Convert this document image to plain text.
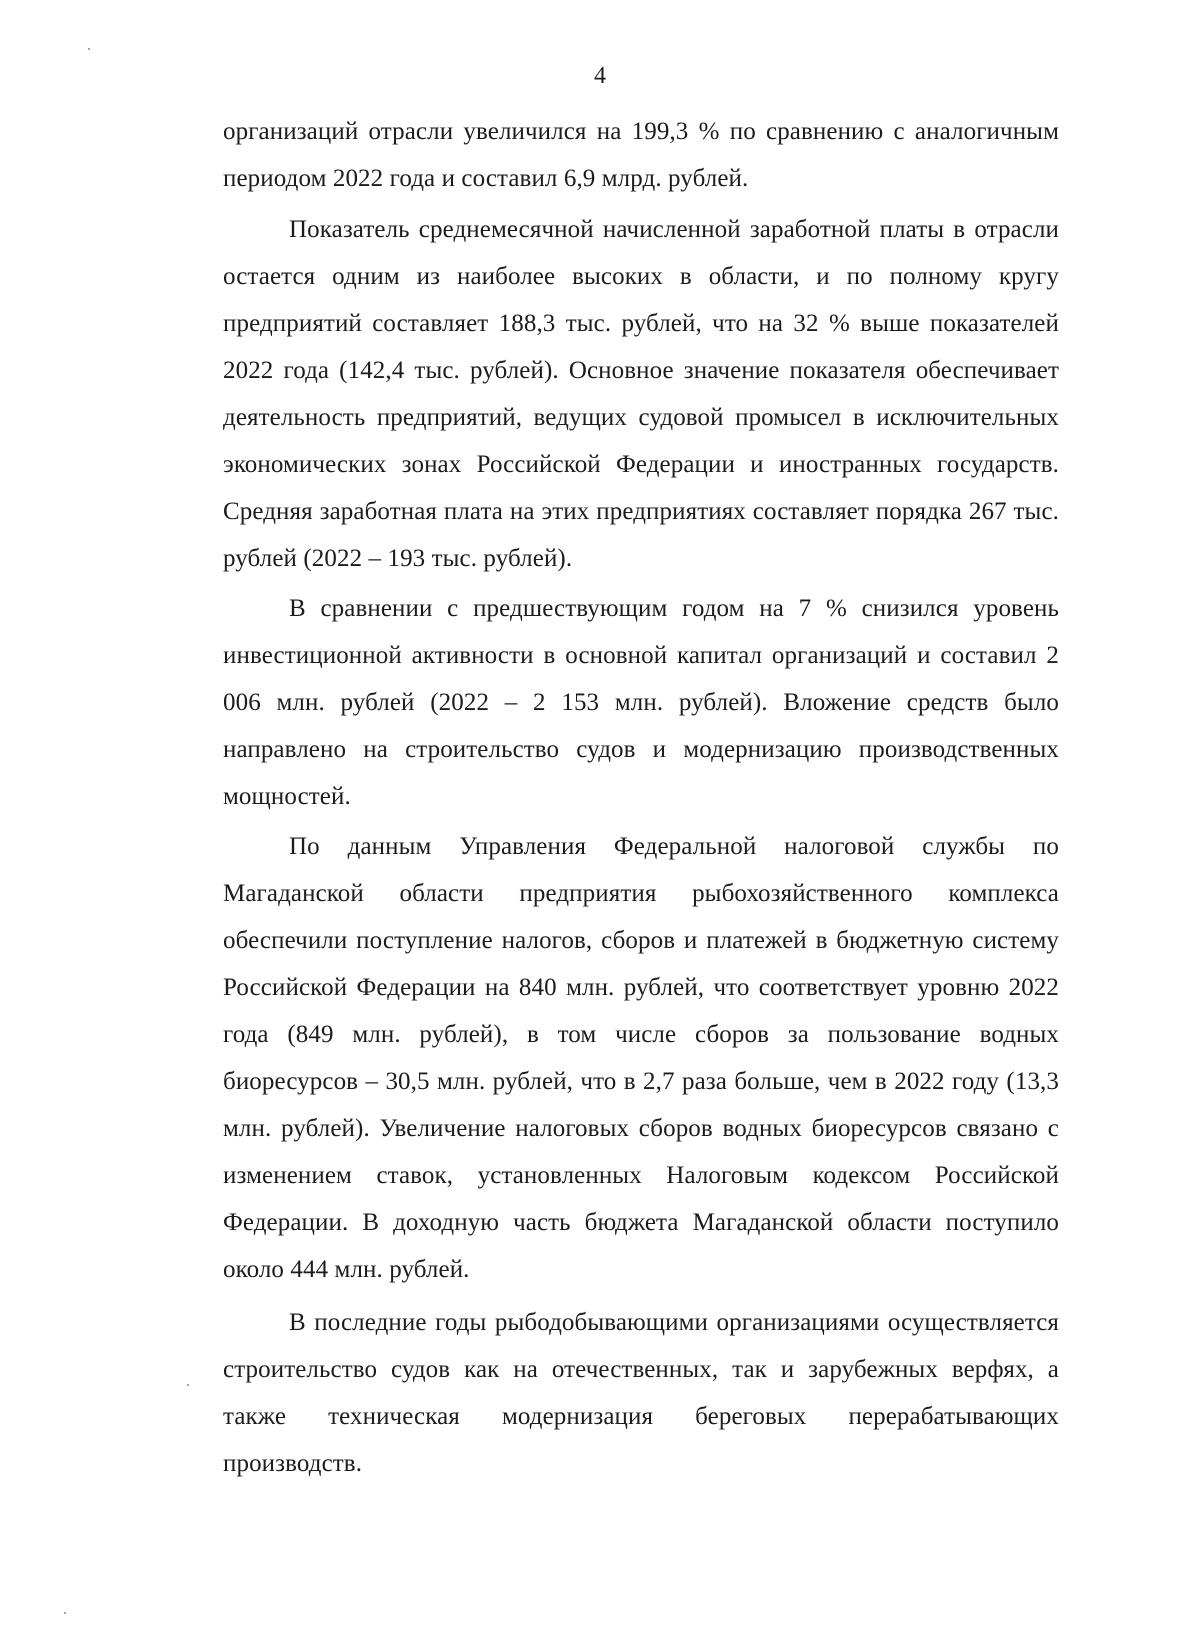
4

организаций отрасли увеличился на 199,3 % по сравнению с аналогичным периодом 2022 года и составил 6,9 млрд. рублей.

Показатель среднемесячной начисленной заработной платы в отрасли остается одним из наиболее высоких в области, и по полному кругу предприятий составляет 188,3 тыс. рублей, что на 32 % выше показателей 2022 года (142,4 тыс. рублей). Основное значение показателя обеспечивает деятельность предприятий, ведущих судовой промысел в исключительных экономических зонах Российской Федерации и иностранных государств. Средняя заработная плата на этих предприятиях составляет порядка 267 тыс. рублей (2022 – 193 тыс. рублей).

В сравнении с предшествующим годом на 7 % снизился уровень инвестиционной активности в основной капитал организаций и составил 2 006 млн. рублей (2022 – 2 153 млн. рублей). Вложение средств было направлено на строительство судов и модернизацию производственных мощностей.

По данным Управления Федеральной налоговой службы по Магаданской области предприятия рыбохозяйственного комплекса обеспечили поступление налогов, сборов и платежей в бюджетную систему Российской Федерации на 840 млн. рублей, что соответствует уровню 2022 года (849 млн. рублей), в том числе сборов за пользование водных биоресурсов – 30,5 млн. рублей, что в 2,7 раза больше, чем в 2022 году (13,3 млн. рублей). Увеличение налоговых сборов водных биоресурсов связано с изменением ставок, установленных Налоговым кодексом Российской Федерации. В доходную часть бюджета Магаданской области поступило около 444 млн. рублей.

В последние годы рыбодобывающими организациями осуществляется строительство судов как на отечественных, так и зарубежных верфях, а также техническая модернизация береговых перерабатывающих производств.
